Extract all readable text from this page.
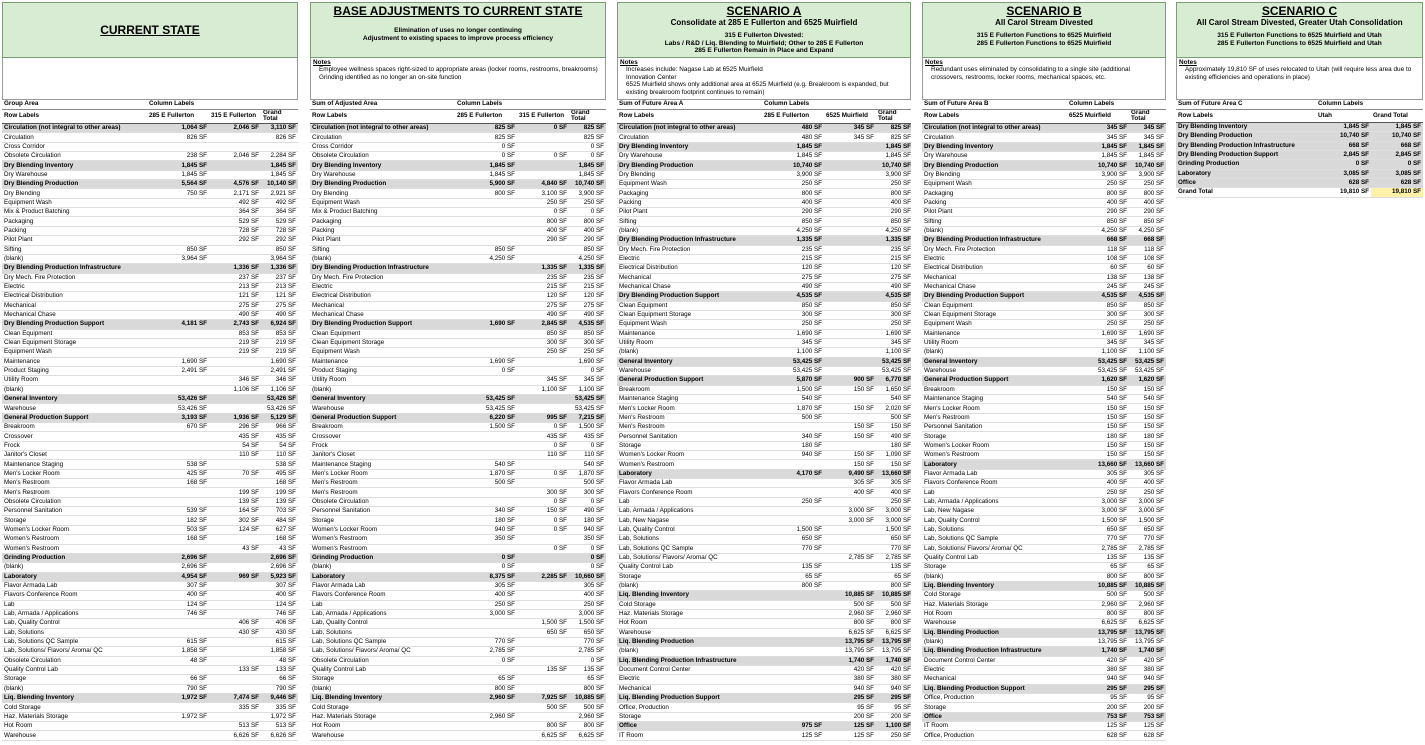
CURRENT STATE
Group Area	Column Labels		
Row Labels	285 E Fullerton	315 E Fullerton	Grand Total
Circulation (not integral to other areas)	1,064 SF	2,046 SF	3,110 SF
Circulation	826 SF		826 SF
Cross Corridor			
Obsolete Circulation	238 SF	2,046 SF	2,284 SF
Dry Blending Inventory	1,845 SF		1,845 SF
Dry Warehouse	1,845 SF		1,845 SF
Dry Blending Production	5,564 SF	4,576 SF	10,140 SF
Dry Blending	750 SF	2,171 SF	2,921 SF
Equipment Wash		492 SF	492 SF
Mix & Product Batching		364 SF	364 SF
Packaging		529 SF	529 SF
Packing		728 SF	728 SF
Pilot Plant		292 SF	292 SF
Sifting	850 SF		850 SF
(blank)	3,964 SF		3,964 SF
Dry Blending Production Infrastructure		1,336 SF	1,336 SF
Dry Mech. Fire Protection		237 SF	237 SF
Electric		213 SF	213 SF
Electrical Distribution		121 SF	121 SF
Mechanical		275 SF	275 SF
Mechanical Chase		490 SF	490 SF
Dry Blending Production Support	4,181 SF	2,743 SF	6,924 SF
Clean Equipment		853 SF	853 SF
Clean Equipment Storage		219 SF	219 SF
Equipment Wash		219 SF	219 SF
Maintenance	1,690 SF		1,690 SF
Product Staging	2,491 SF		2,491 SF
Utility Room		346 SF	346 SF
(blank)		1,106 SF	1,106 SF
General Inventory	53,426 SF		53,426 SF
Warehouse	53,426 SF		53,426 SF
General Production Support	3,193 SF	1,936 SF	5,129 SF
Breakroom	670 SF	296 SF	966 SF
Crossover		435 SF	435 SF
Frock		54 SF	54 SF
Janitor's Closet		110 SF	110 SF
Maintenance Staging	538 SF		538 SF
Men's Locker Room	425 SF	70 SF	495 SF
Men's Restroom	168 SF		168 SF
Men's Restroom		199 SF	199 SF
Obsolete Circulation		139 SF	139 SF
Personnel Sanitation	539 SF	164 SF	703 SF
Storage	182 SF	302 SF	484 SF
Women's Locker Room	503 SF	124 SF	627 SF
Women's Restroom	168 SF		168 SF
Women's Restroom		43 SF	43 SF
Grinding Production	2,696 SF		2,696 SF
(blank)	2,696 SF		2,696 SF
Laboratory	4,954 SF	969 SF	5,923 SF
Flavor Armada Lab	307 SF		307 SF
Flavors Conference Room	400 SF		400 SF
Lab	124 SF		124 SF
Lab, Armada / Applications	746 SF		746 SF
Lab, Quality Control		406 SF	406 SF
Lab, Solutions		430 SF	430 SF
Lab, Solutions QC Sample	615 SF		615 SF
Lab, Solutions/ Flavors/ Aroma/ QC	1,858 SF		1,858 SF
Obsolete Circulation	48 SF		48 SF
Quality Control Lab		133 SF	133 SF
Storage	66 SF		66 SF
(blank)	790 SF		790 SF
Liq. Blending Inventory	1,972 SF	7,474 SF	9,446 SF
Cold Storage		335 SF	335 SF
Haz. Materials Storage	1,972 SF		1,972 SF
Hot Room		513 SF	513 SF
Warehouse		6,626 SF	6,626 SF
BASE ADJUSTMENTS TO CURRENT STATE
Elimination of uses no longer continuing
Adjustment to existing spaces to improve process efficiency
Notes
Employee wellness spaces right-sized to appropriate areas (locker rooms, restrooms, breakrooms)
Grinding identified as no longer an on-site function
Sum of Adjusted Area	Column Labels		
Row Labels	285 E Fullerton	315 E Fullerton	Grand Total
Circulation (not integral to other areas)	825 SF	0 SF	825 SF
Circulation	825 SF		825 SF
Cross Corridor	0 SF		0 SF
Obsolete Circulation	0 SF	0 SF	0 SF
Dry Blending Inventory	1,845 SF		1,845 SF
Dry Warehouse	1,845 SF		1,845 SF
Dry Blending Production	5,900 SF	4,840 SF	10,740 SF
Dry Blending	800 SF	3,100 SF	3,900 SF
Equipment Wash		250 SF	250 SF
Mix & Product Batching		0 SF	0 SF
Packaging		800 SF	800 SF
Packing		400 SF	400 SF
Pilot Plant		290 SF	290 SF
Sifting	850 SF		850 SF
(blank)	4,250 SF		4,250 SF
Dry Blending Production Infrastructure		1,335 SF	1,335 SF
Dry Mech. Fire Protection		235 SF	235 SF
Electric		215 SF	215 SF
Electrical Distribution		120 SF	120 SF
Mechanical		275 SF	275 SF
Mechanical Chase		490 SF	490 SF
Dry Blending Production Support	1,690 SF	2,845 SF	4,535 SF
Clean Equipment		850 SF	850 SF
Clean Equipment Storage		300 SF	300 SF
Equipment Wash		250 SF	250 SF
Maintenance	1,690 SF		1,690 SF
Product Staging	0 SF		0 SF
Utility Room		345 SF	345 SF
(blank)		1,100 SF	1,100 SF
General Inventory	53,425 SF		53,425 SF
Warehouse	53,425 SF		53,425 SF
General Production Support	6,220 SF	995 SF	7,215 SF
Breakroom	1,500 SF	0 SF	1,500 SF
Crossover		435 SF	435 SF
Frock		0 SF	0 SF
Janitor's Closet		110 SF	110 SF
Maintenance Staging	540 SF		540 SF
Men's Locker Room	1,870 SF	0 SF	1,870 SF
Men's Restroom	500 SF		500 SF
Men's Restroom		300 SF	300 SF
Obsolete Circulation		0 SF	0 SF
Personnel Sanitation	340 SF	150 SF	490 SF
Storage	180 SF	0 SF	180 SF
Women's Locker Room	940 SF	0 SF	940 SF
Women's Restroom	350 SF		350 SF
Women's Restroom		0 SF	0 SF
Grinding Production	0 SF		0 SF
(blank)	0 SF		0 SF
Laboratory	8,375 SF	2,285 SF	10,660 SF
Flavor Armada Lab	305 SF		305 SF
Flavors Conference Room	400 SF		400 SF
Lab	250 SF		250 SF
Lab, Armada / Applications	3,000 SF		3,000 SF
Lab, Quality Control		1,500 SF	1,500 SF
Lab, Solutions		650 SF	650 SF
Lab, Solutions QC Sample	770 SF		770 SF
Lab, Solutions/ Flavors/ Aroma/ QC	2,785 SF		2,785 SF
Obsolete Circulation	0 SF		0 SF
Quality Control Lab		135 SF	135 SF
Storage	65 SF		65 SF
(blank)	800 SF		800 SF
Liq. Blending Inventory	2,960 SF	7,925 SF	10,885 SF
Cold Storage		500 SF	500 SF
Haz. Materials Storage	2,960 SF		2,960 SF
Hot Room		800 SF	800 SF
Warehouse		6,625 SF	6,625 SF
SCENARIO A
Consolidate at 285 E Fullerton and 6525 Muirfield
315 E Fullerton Divested:
Labs / R&D / Liq. Blending to Muirfield; Other to 285 E Fullerton
285 E Fullerton Remain in Place and Expand
Notes
Increases include: Nagase Lab at 6525 Muirfield
Innovation Center
6525 Muirfield shows only additional area at 6525 Muirfield (e.g. Breakroom is expanded, but existing breakroom footprint continues to remain)
Sum of Future Area A	Column Labels		
Row Labels	285 E Fullerton	6525 Muirfield	Grand Total
Circulation (not integral to other areas)	480 SF	345 SF	825 SF
Circulation	480 SF	345 SF	825 SF
Dry Blending Inventory	1,845 SF		1,845 SF
Dry Warehouse	1,845 SF		1,845 SF
Dry Blending Production	10,740 SF		10,740 SF
Dry Blending	3,900 SF		3,900 SF
Equipment Wash	250 SF		250 SF
Packaging	800 SF		800 SF
Packing	400 SF		400 SF
Pilot Plant	290 SF		290 SF
Sifting	850 SF		850 SF
(blank)	4,250 SF		4,250 SF
Dry Blending Production Infrastructure	1,335 SF		1,335 SF
Dry Mech. Fire Protection	235 SF		235 SF
Electric	215 SF		215 SF
Electrical Distribution	120 SF		120 SF
Mechanical	275 SF		275 SF
Mechanical Chase	490 SF		490 SF
Dry Blending Production Support	4,535 SF		4,535 SF
Clean Equipment	850 SF		850 SF
Clean Equipment Storage	300 SF		300 SF
Equipment Wash	250 SF		250 SF
Maintenance	1,690 SF		1,690 SF
Utility Room	345 SF		345 SF
(blank)	1,100 SF		1,100 SF
General Inventory	53,425 SF		53,425 SF
Warehouse	53,425 SF		53,425 SF
General Production Support	5,870 SF	900 SF	6,770 SF
Breakroom	1,500 SF	150 SF	1,650 SF
Maintenance Staging	540 SF		540 SF
Men's Locker Room	1,870 SF	150 SF	2,020 SF
Men's Restroom	500 SF		500 SF
Men's Restroom		150 SF	150 SF
Personnel Sanitation	340 SF	150 SF	490 SF
Storage	180 SF		180 SF
Women's Locker Room	940 SF	150 SF	1,090 SF
Women's Restroom		150 SF	150 SF
Laboratory	4,170 SF	9,490 SF	13,660 SF
Flavor Armada Lab		305 SF	305 SF
Flavors Conference Room		400 SF	400 SF
Lab	250 SF		250 SF
Lab, Armada / Applications		3,000 SF	3,000 SF
Lab, New Nagase		3,000 SF	3,000 SF
Lab, Quality Control	1,500 SF		1,500 SF
Lab, Solutions	650 SF		650 SF
Lab, Solutions QC Sample	770 SF		770 SF
Lab, Solutions/ Flavors/ Aroma/ QC		2,785 SF	2,785 SF
Quality Control Lab	135 SF		135 SF
Storage	65 SF		65 SF
(blank)	800 SF		800 SF
Liq. Blending Inventory		10,885 SF	10,885 SF
Cold Storage		500 SF	500 SF
Haz. Materials Storage		2,960 SF	2,960 SF
Hot Room		800 SF	800 SF
Warehouse		6,625 SF	6,625 SF
Liq. Blending Production		13,795 SF	13,795 SF
(blank)		13,795 SF	13,795 SF
Liq. Blending Production Infrastructure		1,740 SF	1,740 SF
Document Control Center		420 SF	420 SF
Electric		380 SF	380 SF
Mechanical		940 SF	940 SF
Liq. Blending Production Support		295 SF	295 SF
Office, Production		95 SF	95 SF
Storage		200 SF	200 SF
Office	975 SF	125 SF	1,100 SF
IT Room	125 SF	125 SF	250 SF
SCENARIO B
All Carol Stream Divested
315 E Fullerton Functions to 6525 Muirfield
285 E Fullerton Functions to 6525 Muirfield
Notes
Redundant uses eliminated by consolidating to a single site (additional crossovers, restrooms, locker rooms, mechanical spaces, etc.
Sum of Future Area B	Column Labels	
Row Labels	6525 Muirfield	Grand Total
Circulation (not integral to other areas)	345 SF	345 SF
Circulation	345 SF	345 SF
Dry Blending Inventory	1,845 SF	1,845 SF
Dry Warehouse	1,845 SF	1,845 SF
Dry Blending Production	10,740 SF	10,740 SF
Dry Blending	3,900 SF	3,900 SF
Equipment Wash	250 SF	250 SF
Packaging	800 SF	800 SF
Packing	400 SF	400 SF
Pilot Plant	290 SF	290 SF
Sifting	850 SF	850 SF
(blank)	4,250 SF	4,250 SF
Dry Blending Production Infrastructure	668 SF	668 SF
Dry Mech. Fire Protection	118 SF	118 SF
Electric	108 SF	108 SF
Electrical Distribution	60 SF	60 SF
Mechanical	138 SF	138 SF
Mechanical Chase	245 SF	245 SF
Dry Blending Production Support	4,535 SF	4,535 SF
Clean Equipment	850 SF	850 SF
Clean Equipment Storage	300 SF	300 SF
Equipment Wash	250 SF	250 SF
Maintenance	1,690 SF	1,690 SF
Utility Room	345 SF	345 SF
(blank)	1,100 SF	1,100 SF
General Inventory	53,425 SF	53,425 SF
Warehouse	53,425 SF	53,425 SF
General Production Support	1,620 SF	1,620 SF
Breakroom	150 SF	150 SF
Maintenance Staging	540 SF	540 SF
Men's Locker Room	150 SF	150 SF
Men's Restroom	150 SF	150 SF
Personnel Sanitation	150 SF	150 SF
Storage	180 SF	180 SF
Women's Locker Room	150 SF	150 SF
Women's Restroom	150 SF	150 SF
Laboratory	13,660 SF	13,660 SF
Flavor Armada Lab	305 SF	305 SF
Flavors Conference Room	400 SF	400 SF
Lab	250 SF	250 SF
Lab, Armada / Applications	3,000 SF	3,000 SF
Lab, New Nagase	3,000 SF	3,000 SF
Lab, Quality Control	1,500 SF	1,500 SF
Lab, Solutions	650 SF	650 SF
Lab, Solutions QC Sample	770 SF	770 SF
Lab, Solutions/ Flavors/ Aroma/ QC	2,785 SF	2,785 SF
Quality Control Lab	135 SF	135 SF
Storage	65 SF	65 SF
(blank)	800 SF	800 SF
Liq. Blending Inventory	10,885 SF	10,885 SF
Cold Storage	500 SF	500 SF
Haz. Materials Storage	2,960 SF	2,960 SF
Hot Room	800 SF	800 SF
Warehouse	6,625 SF	6,625 SF
Liq. Blending Production	13,795 SF	13,795 SF
(blank)	13,795 SF	13,795 SF
Liq. Blending Production Infrastructure	1,740 SF	1,740 SF
Document Control Center	420 SF	420 SF
Electric	380 SF	380 SF
Mechanical	940 SF	940 SF
Liq. Blending Production Support	295 SF	295 SF
Office, Production	95 SF	95 SF
Storage	200 SF	200 SF
Office	753 SF	753 SF
IT Room	125 SF	125 SF
Office, Production	628 SF	628 SF
SCENARIO C
All Carol Stream Divested, Greater Utah Consolidation
315 E Fullerton Functions to 6525 Muirfield and Utah
285 E Fullerton Functions to 6525 Muirfield and Utah
Notes
Approximately 19,810 SF of uses relocated to Utah (will require less area due to existing efficiencies and operations in place)
Sum of Future Area C	Column Labels	
Row Labels	Utah	Grand Total
Dry Blending Inventory	1,845 SF	1,845 SF
Dry Blending Production	10,740 SF	10,740 SF
Dry Blending Production Infrastructure	668 SF	668 SF
Dry Blending Production Support	2,845 SF	2,845 SF
Grinding Production	0 SF	0 SF
Laboratory	3,085 SF	3,085 SF
Office	628 SF	628 SF
Grand Total	19,810 SF	19,810 SF
